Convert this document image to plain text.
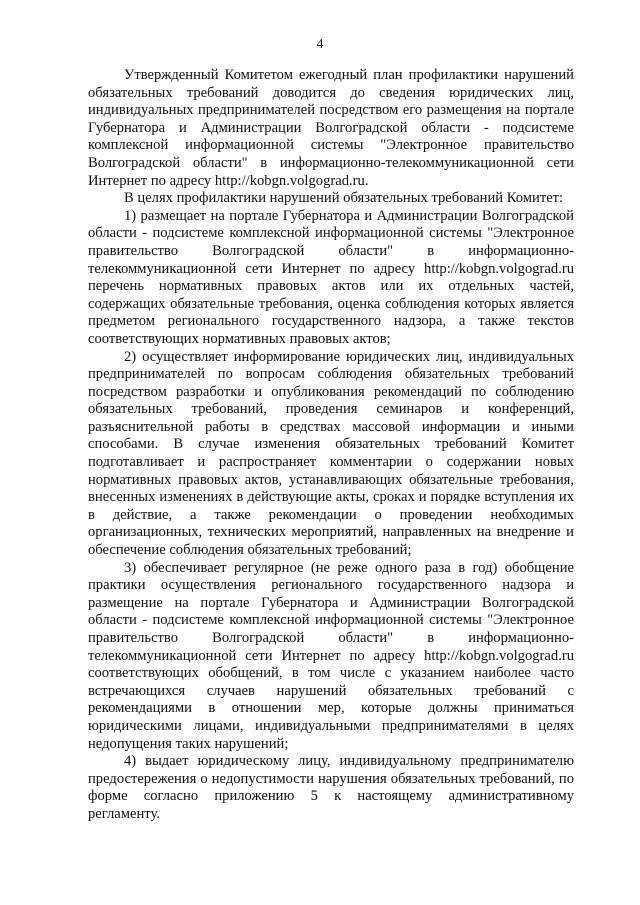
4

Утвержденный Комитетом ежегодный план профилактики нарушений обязательных требований доводится до сведения юридических лиц, индивидуальных предпринимателей посредством его размещения на портале Губернатора и Администрации Волгоградской области - подсистеме комплексной информационной системы "Электронное правительство Волгоградской области" в информационно-телекоммуникационной сети Интернет по адресу http://kobgn.volgograd.ru.

В целях профилактики нарушений обязательных требований Комитет:

1) размещает на портале Губернатора и Администрации Волгоградской области - подсистеме комплексной информационной системы "Электронное правительство Волгоградской области" в информационно-телекоммуникационной сети Интернет по адресу http://kobgn.volgograd.ru перечень нормативных правовых актов или их отдельных частей, содержащих обязательные требования, оценка соблюдения которых является предметом регионального государственного надзора, а также текстов соответствующих нормативных правовых актов;

2) осуществляет информирование юридических лиц, индивидуальных предпринимателей по вопросам соблюдения обязательных требований посредством разработки и опубликования рекомендаций по соблюдению обязательных требований, проведения семинаров и конференций, разъяснительной работы в средствах массовой информации и иными способами. В случае изменения обязательных требований Комитет подготавливает и распространяет комментарии о содержании новых нормативных правовых актов, устанавливающих обязательные требования, внесенных изменениях в действующие акты, сроках и порядке вступления их в действие, а также рекомендации о проведении необходимых организационных, технических мероприятий, направленных на внедрение и обеспечение соблюдения обязательных требований;

3) обеспечивает регулярное (не реже одного раза в год) обобщение практики осуществления регионального государственного надзора и размещение на портале Губернатора и Администрации Волгоградской области - подсистеме комплексной информационной системы "Электронное правительство Волгоградской области" в информационно-телекоммуникационной сети Интернет по адресу http://kobgn.volgograd.ru соответствующих обобщений, в том числе с указанием наиболее часто встречающихся случаев нарушений обязательных требований с рекомендациями в отношении мер, которые должны приниматься юридическими лицами, индивидуальными предпринимателями в целях недопущения таких нарушений;

4) выдает юридическому лицу, индивидуальному предпринимателю предостережения о недопустимости нарушения обязательных требований, по форме согласно приложению 5 к настоящему административному регламенту.
